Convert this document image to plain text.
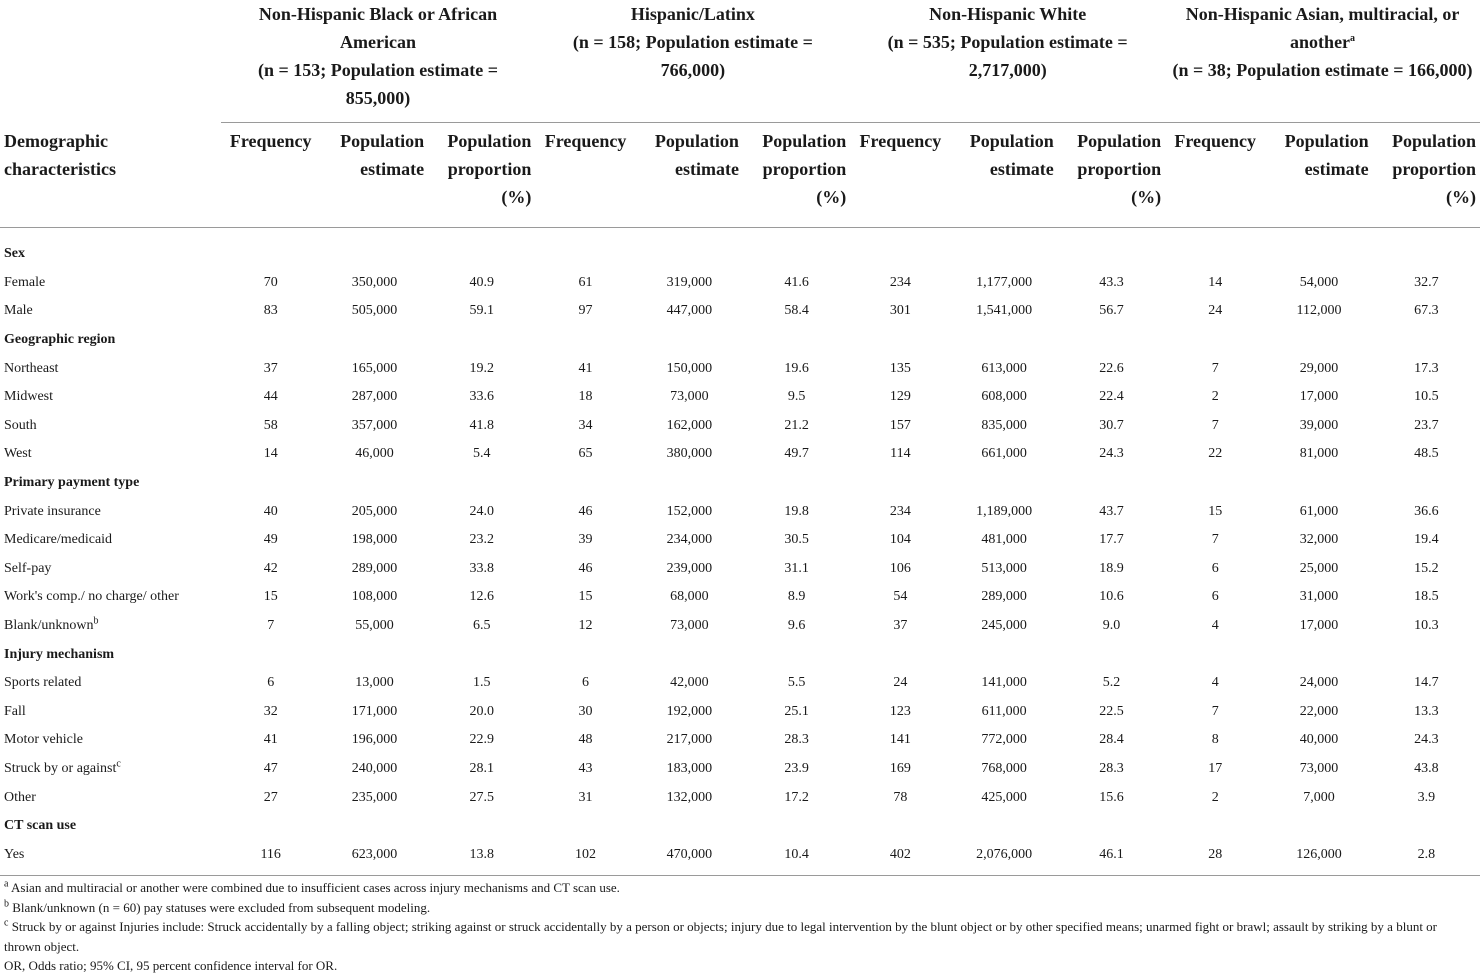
	Non-Hispanic Black or African American
(n = 153; Population estimate = 855,000)			Hispanic/Latinx
(n = 158; Population estimate = 766,000)			Non-Hispanic White
(n = 535; Population estimate = 2,717,000)			Non-Hispanic Asian, multiracial, or another$^a$
(n = 38; Population estimate = 166,000)		
Demographic characteristics	Frequency	Population estimate	Population proportion (%)	Frequency	Population estimate	Population proportion (%)	Frequency	Population estimate	Population proportion (%)	Frequency	Population estimate	Population proportion (%)
Sex												
Female	70	350,000	40.9	61	319,000	41.6	234	1,177,000	43.3	14	54,000	32.7
Male	83	505,000	59.1	97	447,000	58.4	301	1,541,000	56.7	24	112,000	67.3
Geographic region												
Northeast	37	165,000	19.2	41	150,000	19.6	135	613,000	22.6	7	29,000	17.3
Midwest	44	287,000	33.6	18	73,000	9.5	129	608,000	22.4	2	17,000	10.5
South	58	357,000	41.8	34	162,000	21.2	157	835,000	30.7	7	39,000	23.7
West	14	46,000	5.4	65	380,000	49.7	114	661,000	24.3	22	81,000	48.5
Primary payment type												
Private insurance	40	205,000	24.0	46	152,000	19.8	234	1,189,000	43.7	15	61,000	36.6
Medicare/medicaid	49	198,000	23.2	39	234,000	30.5	104	481,000	17.7	7	32,000	19.4
Self-pay	42	289,000	33.8	46	239,000	31.1	106	513,000	18.9	6	25,000	15.2
Work's comp./ no charge/ other	15	108,000	12.6	15	68,000	8.9	54	289,000	10.6	6	31,000	18.5
Blank/unknown$^b$	7	55,000	6.5	12	73,000	9.6	37	245,000	9.0	4	17,000	10.3
Injury mechanism												
Sports related	6	13,000	1.5	6	42,000	5.5	24	141,000	5.2	4	24,000	14.7
Fall	32	171,000	20.0	30	192,000	25.1	123	611,000	22.5	7	22,000	13.3
Motor vehicle	41	196,000	22.9	48	217,000	28.3	141	772,000	28.4	8	40,000	24.3
Struck by or against$^c$	47	240,000	28.1	43	183,000	23.9	169	768,000	28.3	17	73,000	43.8
Other	27	235,000	27.5	31	132,000	17.2	78	425,000	15.6	2	7,000	3.9
CT scan use												
Yes	116	623,000	13.8	102	470,000	10.4	402	2,076,000	46.1	28	126,000	2.8

$^a$ Asian and multiracial or another were combined due to insufficient cases across injury mechanisms and CT scan use.

$^b$ Blank/unknown (n = 60) pay statuses were excluded from subsequent modeling.

$^c$ Struck by or against Injuries include: Struck accidentally by a falling object; striking against or struck accidentally by a person or objects; injury due to legal intervention by the blunt object or by other specified means; unarmed fight or brawl; assault by striking by a blunt or thrown object.

OR, Odds ratio; 95% CI, 95 percent confidence interval for OR.
